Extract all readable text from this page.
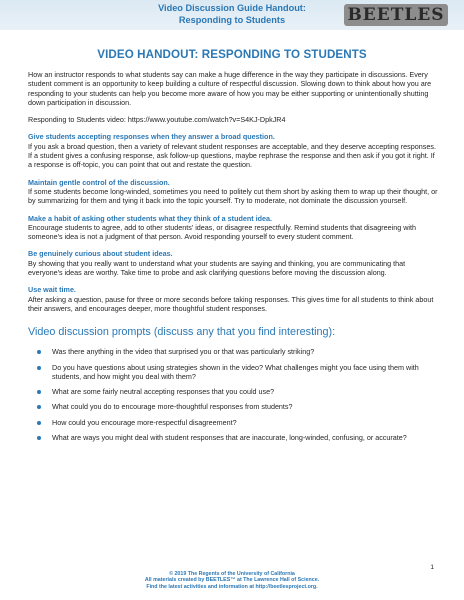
Video Discussion Guide Handout:
Responding to Students	BEETLES
VIDEO HANDOUT: RESPONDING TO STUDENTS
How an instructor responds to what students say can make a huge difference in the way they participate in discussions. Every student comment is an opportunity to keep building a culture of respectful discussion. Slowing down to think about how you are responding to your students can help you become more aware of how you may be either supporting or unintentionally shutting down participation in discussion.
Responding to Students video: https://www.youtube.com/watch?v=S4KJ-DpkJR4
Give students accepting responses when they answer a broad question.
If you ask a broad question, then a variety of relevant student responses are acceptable, and they deserve accepting responses. If a student gives a confusing response, ask follow-up questions, maybe rephrase the response and then ask if you got it right. If a response is off-topic, you can point that out and restate the question.
Maintain gentle control of the discussion.
If some students become long-winded, sometimes you need to politely cut them short by asking them to wrap up their thought, or by summarizing for them and tying it back into the topic yourself. Try to moderate, not dominate the discussion yourself.
Make a habit of asking other students what they think of a student idea.
Encourage students to agree, add to other students' ideas, or disagree respectfully. Remind students that disagreeing with someone's idea is not a judgment of that person. Avoid responding yourself to every student comment.
Be genuinely curious about student ideas.
By showing that you really want to understand what your students are saying and thinking, you are communicating that everyone's ideas are worthy. Take time to probe and ask clarifying questions before moving the discussion along.
Use wait time.
After asking a question, pause for three or more seconds before taking responses. This gives time for all students to think about their answers, and encourages deeper, more thoughtful student responses.
Video discussion prompts (discuss any that you find interesting):
Was there anything in the video that surprised you or that was particularly striking?
Do you have questions about using strategies shown in the video? What challenges might you face using them with students, and how might you deal with them?
What are some fairly neutral accepting responses that you could use?
What could you do to encourage more-thoughtful responses from students?
How could you encourage more-respectful disagreement?
What are ways you might deal with student responses that are inaccurate, long-winded, confusing, or accurate?
1
© 2019 The Regents of the University of California
All materials created by BEETLES™ at The Lawrence Hall of Science.
Find the latest activities and information at http://beetlesproject.org.
